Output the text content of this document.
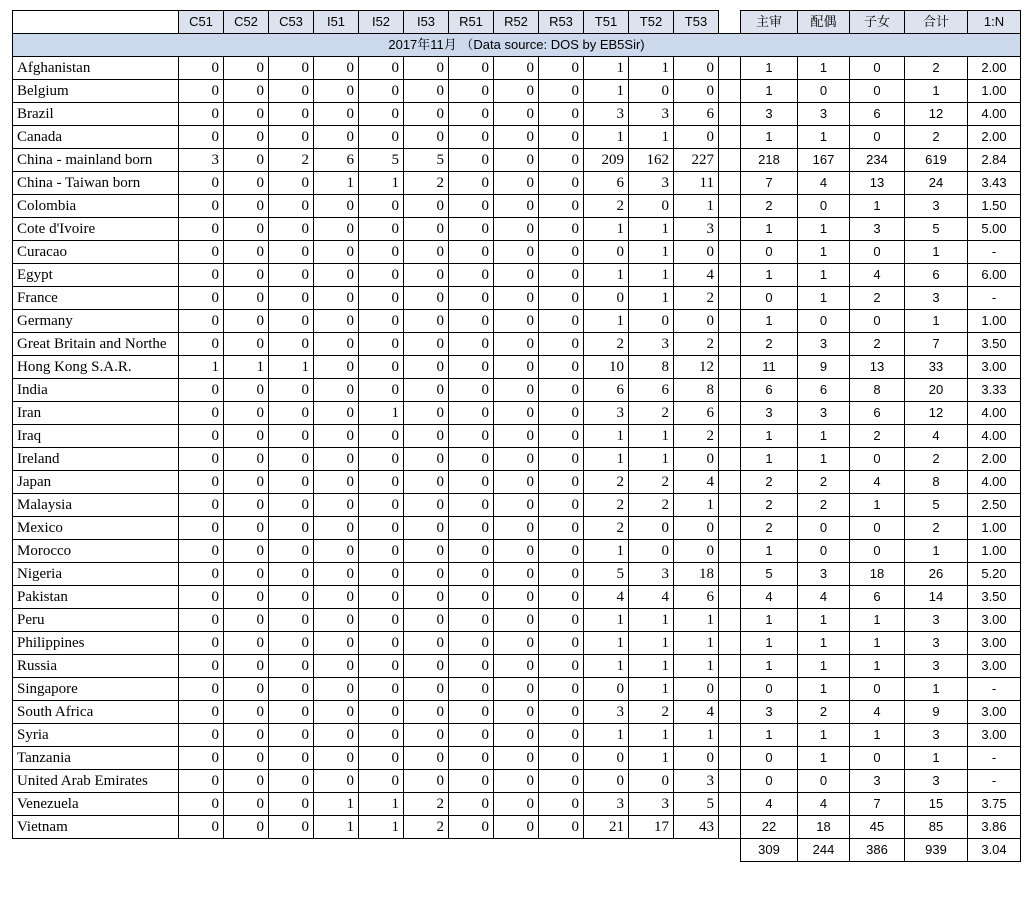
	C51	C52	C53	I51	I52	I53	R51	R52	R53	T51	T52	T53		主审	配偶	子女	合计	1:N
2017年11月 （Data source: DOS by EB5Sir)																		
Afghanistan	0	0	0	0	0	0	0	0	0	1	1	0		1	1	0	2	2.00
Belgium	0	0	0	0	0	0	0	0	0	1	0	0		1	0	0	1	1.00
Brazil	0	0	0	0	0	0	0	0	0	3	3	6		3	3	6	12	4.00
Canada	0	0	0	0	0	0	0	0	0	1	1	0		1	1	0	2	2.00
China - mainland born	3	0	2	6	5	5	0	0	0	209	162	227		218	167	234	619	2.84
China - Taiwan born	0	0	0	1	1	2	0	0	0	6	3	11		7	4	13	24	3.43
Colombia	0	0	0	0	0	0	0	0	0	2	0	1		2	0	1	3	1.50
Cote d'Ivoire	0	0	0	0	0	0	0	0	0	1	1	3		1	1	3	5	5.00
Curacao	0	0	0	0	0	0	0	0	0	0	1	0		0	1	0	1	-
Egypt	0	0	0	0	0	0	0	0	0	1	1	4		1	1	4	6	6.00
France	0	0	0	0	0	0	0	0	0	0	1	2		0	1	2	3	-
Germany	0	0	0	0	0	0	0	0	0	1	0	0		1	0	0	1	1.00
Great Britain and Northe	0	0	0	0	0	0	0	0	0	2	3	2		2	3	2	7	3.50
Hong Kong S.A.R.	1	1	1	0	0	0	0	0	0	10	8	12		11	9	13	33	3.00
India	0	0	0	0	0	0	0	0	0	6	6	8		6	6	8	20	3.33
Iran	0	0	0	0	1	0	0	0	0	3	2	6		3	3	6	12	4.00
Iraq	0	0	0	0	0	0	0	0	0	1	1	2		1	1	2	4	4.00
Ireland	0	0	0	0	0	0	0	0	0	1	1	0		1	1	0	2	2.00
Japan	0	0	0	0	0	0	0	0	0	2	2	4		2	2	4	8	4.00
Malaysia	0	0	0	0	0	0	0	0	0	2	2	1		2	2	1	5	2.50
Mexico	0	0	0	0	0	0	0	0	0	2	0	0		2	0	0	2	1.00
Morocco	0	0	0	0	0	0	0	0	0	1	0	0		1	0	0	1	1.00
Nigeria	0	0	0	0	0	0	0	0	0	5	3	18		5	3	18	26	5.20
Pakistan	0	0	0	0	0	0	0	0	0	4	4	6		4	4	6	14	3.50
Peru	0	0	0	0	0	0	0	0	0	1	1	1		1	1	1	3	3.00
Philippines	0	0	0	0	0	0	0	0	0	1	1	1		1	1	1	3	3.00
Russia	0	0	0	0	0	0	0	0	0	1	1	1		1	1	1	3	3.00
Singapore	0	0	0	0	0	0	0	0	0	0	1	0		0	1	0	1	-
South Africa	0	0	0	0	0	0	0	0	0	3	2	4		3	2	4	9	3.00
Syria	0	0	0	0	0	0	0	0	0	1	1	1		1	1	1	3	3.00
Tanzania	0	0	0	0	0	0	0	0	0	0	1	0		0	1	0	1	-
United Arab Emirates	0	0	0	0	0	0	0	0	0	0	0	3		0	0	3	3	-
Venezuela	0	0	0	1	1	2	0	0	0	3	3	5		4	4	7	15	3.75
Vietnam	0	0	0	1	1	2	0	0	0	21	17	43		22	18	45	85	3.86
														309	244	386	939	3.04
